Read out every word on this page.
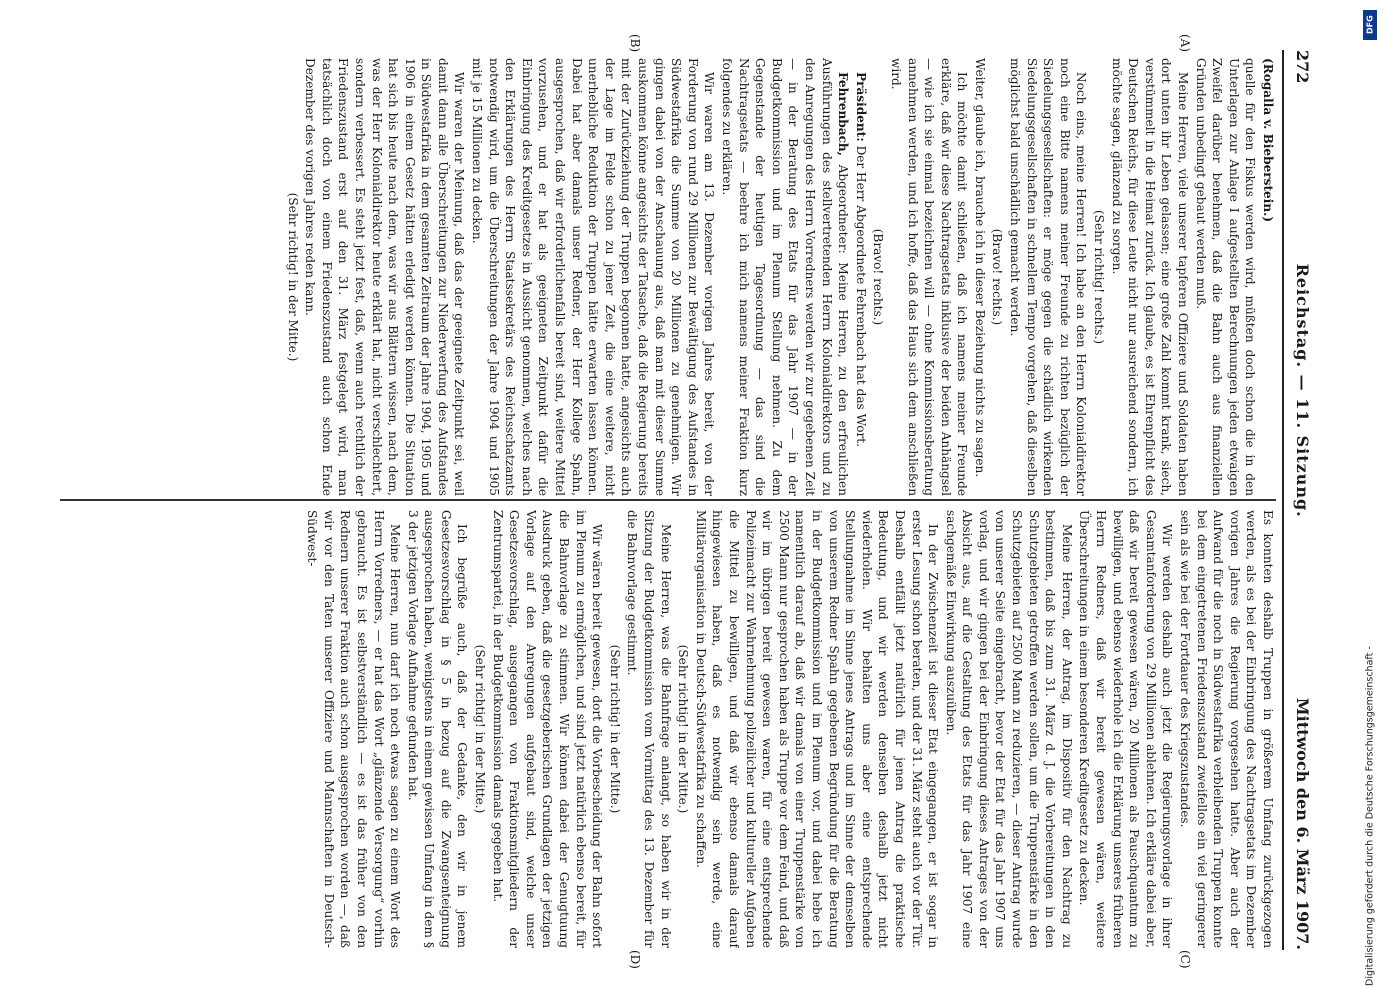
272
Reichstag. — 11. Sitzung.
Mittwoch den 6. März 1907.
(A)
(B)
(C)
(D)

(Rogalla v. Bieberstein.)

quelle für den Fiskus werden wird, müßten doch schon die in den Unterlagen zur Anlage I aufgestellten Berechnungen jeden etwaigen Zweifel darüber benehmen, daß die Bahn auch aus finanziellen Gründen unbedingt gebaut werden muß.

Meine Herren, viele unserer tapferen Offiziere und Soldaten haben dort unten ihr Leben gelassen; eine große Zahl kommt krank, siech, verstümmelt in die Heimat zurück. Ich glaube, es ist Ehrenpflicht des Deutschen Reichs, für diese Leute nicht nur ausreichend sondern, ich möchte sagen, glänzend zu sorgen.

(Sehr richtig! rechts.)

Noch eins, meine Herren! Ich habe an den Herrn Kolonialdirektor noch eine Bitte namens meiner Freunde zu richten bezüglich der Siedelungsgesellschaften: er möge gegen die schädlich wirkenden Siedelungsgesellschaften in schnellem Tempo vorgehen, daß dieselben möglichst bald unschädlich gemacht werden.

(Bravo! rechts.)

Weiter, glaube ich, brauche ich in dieser Beziehung nichts zu sagen.

Ich möchte damit schließen, daß ich namens meiner Freunde erkläre, daß wir diese Nachtragsetats inklusive der beiden Anhängsel — wie ich sie einmal bezeichnen will — ohne Kommissionsberatung annehmen werden, und ich hoffe, daß das Haus sich dem anschließen wird.

(Bravo! rechts.)

Präsident: Der Herr Abgeordnete Fehrenbach hat das Wort.

Fehrenbach, Abgeordneter: Meine Herren, zu den erfreulichen Ausführungen des stellvertretenden Herrn Kolonialdirektors und zu den Anregungen des Herrn Vorredners werden wir zur gegebenen Zeit — in der Beratung des Etats für das Jahr 1907 — in der Budgetkommission und im Plenum Stellung nehmen. Zu dem Gegenstande der heutigen Tagesordnung — das sind die Nachtragsetats — beehre ich mich namens meiner Fraktion kurz folgendes zu erklären.

Wir waren am 13. Dezember vorigen Jahres bereit, von der Forderung von rund 29 Millionen zur Bewältigung des Aufstandes in Südwestafrika die Summe von 20 Millionen zu genehmigen. Wir gingen dabei von der Anschauung aus, daß man mit dieser Summe auskommen könne angesichts der Tatsache, daß die Regierung bereits mit der Zurückziehung der Truppen begonnen hatte, angesichts auch der Lage im Felde schon zu jener Zeit, die eine weitere, nicht unerhebliche Reduktion der Truppen hätte erwarten lassen können. Dabei hat aber damals unser Redner, der Herr Kollege Spahn, ausgesprochen, daß wir erforderlichenfalls bereit sind, weitere Mittel vorzusehen, und er hat als geeigneten Zeitpunkt dafür die Einbringung des Kreditgesetzes in Aussicht genommen, welches nach den Erklärungen des Herrn Staatssekretärs des Reichsschatzamts notwendig wird, um die Überschreitungen der Jahre 1904 und 1905 mit je 15 Millionen zu decken.

Wir waren der Meinung, daß das der geeignete Zeitpunkt sei, weil damit dann alle Überschreitungen zur Niederwerfung des Aufstandes in Südwestafrika in dem gesamten Zeitraum der Jahre 1904, 1905 und 1906 in einem Gesetz hätten erledigt werden können. Die Situation hat sich bis heute nach dem, was wir aus Blättern wissen, nach dem, was der Herr Kolonialdirektor heute erklärt hat, nicht verschlechtert, sondern verbessert. Es steht jetzt fest, daß, wenn auch rechtlich der Friedenszustand erst auf den 31. März festgelegt wird, man tatsächlich doch von einem Friedenszustand auch schon Ende Dezember des vorigen Jahres reden kann.

(Sehr richtig! in der Mitte.)

Es konnten deshalb Truppen in größerem Umfang zurückgezogen werden, als es bei der Einbringung des Nachtragsetats im Dezember vorigen Jahres die Regierung vorgesehen hatte. Aber auch der Aufwand für die noch in Südwestafrika verbleibenden Truppen konnte bei dem eingetretenen Friedenszustand zweifellos ein viel geringerer sein als wie bei der Fortdauer des Kriegszustandes.

Wir werden deshalb auch jetzt die Regierungsvorlage in ihrer Gesamtanforderung von 29 Millionen ablehnen. Ich erkläre dabei aber, daß wir bereit gewesen wären, 20 Millionen als Pauschquantum zu bewilligen, und ebenso wiederhole ich die Erklärung unseres früheren Herrn Redners, daß wir bereit gewesen wären, weitere Überschreitungen in einem besonderen Kreditgesetz zu decken.

Meine Herren, der Antrag, im Dispositiv für den Nachtrag zu bestimmen, daß bis zum 31. März d. J. die Vorbereitungen in den Schutzgebieten getroffen werden sollen, um die Truppenstärke in den Schutzgebieten auf 2500 Mann zu reduzieren, — dieser Antrag wurde von unserer Seite eingebracht, bevor der Etat für das Jahr 1907 uns vorlag, und wir gingen bei der Einbringung dieses Antrages von der Absicht aus, auf die Gestaltung des Etats für das Jahr 1907 eine sachgemäße Einwirkung auszuüben.

In der Zwischenzeit ist dieser Etat eingegangen, er ist sogar in erster Lesung schon beraten, und der 31. März steht auch vor der Tür. Deshalb entfällt jetzt natürlich für jenen Antrag die praktische Bedeutung, und wir werden denselben deshalb jetzt nicht wiederholen. Wir behalten uns aber eine entsprechende Stellungnahme im Sinne jenes Antrags und im Sinne der demselben von unserem Redner Spahn gegebenen Begründung für die Beratung in der Budgetkommission und im Plenum vor, und dabei hebe ich namentlich darauf ab, daß wir damals von einer Truppenstärke von 2500 Mann nur gesprochen haben als Truppe vor dem Feind, und daß wir im übrigen bereit gewesen waren, für eine entsprechende Polizeimacht zur Wahrnehmung polizeilicher und kultureller Aufgaben die Mittel zu bewilligen, und daß wir ebenso damals darauf hingewiesen haben, daß es notwendig sein werde, eine Militärorganisation in Deutsch-Südwestafrika zu schaffen.

(Sehr richtig! in der Mitte.)

Meine Herren, was die Bahnfrage anlangt, so haben wir in der Sitzung der Budgetkommission vom Vormittag des 13. Dezember für die Bahnvorlage gestimmt.

(Sehr richtig! in der Mitte.)

Wir wären bereit gewesen, dort die Vorbescheidung der Bahn sofort im Plenum zu ermöglichen, und sind jetzt natürlich ebenso bereit, für die Bahnvorlage zu stimmen. Wir können dabei der Genugtuung Ausdruck geben, daß die gesetzgeberischen Grundlagen der jetzigen Vorlage auf den Anregungen aufgebaut sind, welche unser Gesetzesvorschlag, ausgegangen von Fraktionsmitgliedern der Zentrumspartei, in der Budgetkommission damals gegeben hat.

(Sehr richtig! in der Mitte.)

Ich begrüße auch, daß der Gedanke, den wir in jenem Gesetzesvorschlag in § 5 in bezug auf die Zwangsenteignung ausgesprochen haben, wenigstens in einem gewissen Umfang in dem § 3 der jetzigen Vorlage Aufnahme gefunden hat.

Meine Herren, nun darf ich noch etwas sagen zu einem Wort des Herrn Vorredners, — er hat das Wort „glänzende Versorgung“ vorhin gebraucht. Es ist selbstverständlich — es ist das früher von den Rednern unserer Fraktion auch schon ausgesprochen worden —, daß wir vor den Taten unserer Offiziere und Mannschaften in Deutsch-Südwest-

DFG
Digitalisierung gefördert durch die Deutsche Forschungsgemeinschaft -
